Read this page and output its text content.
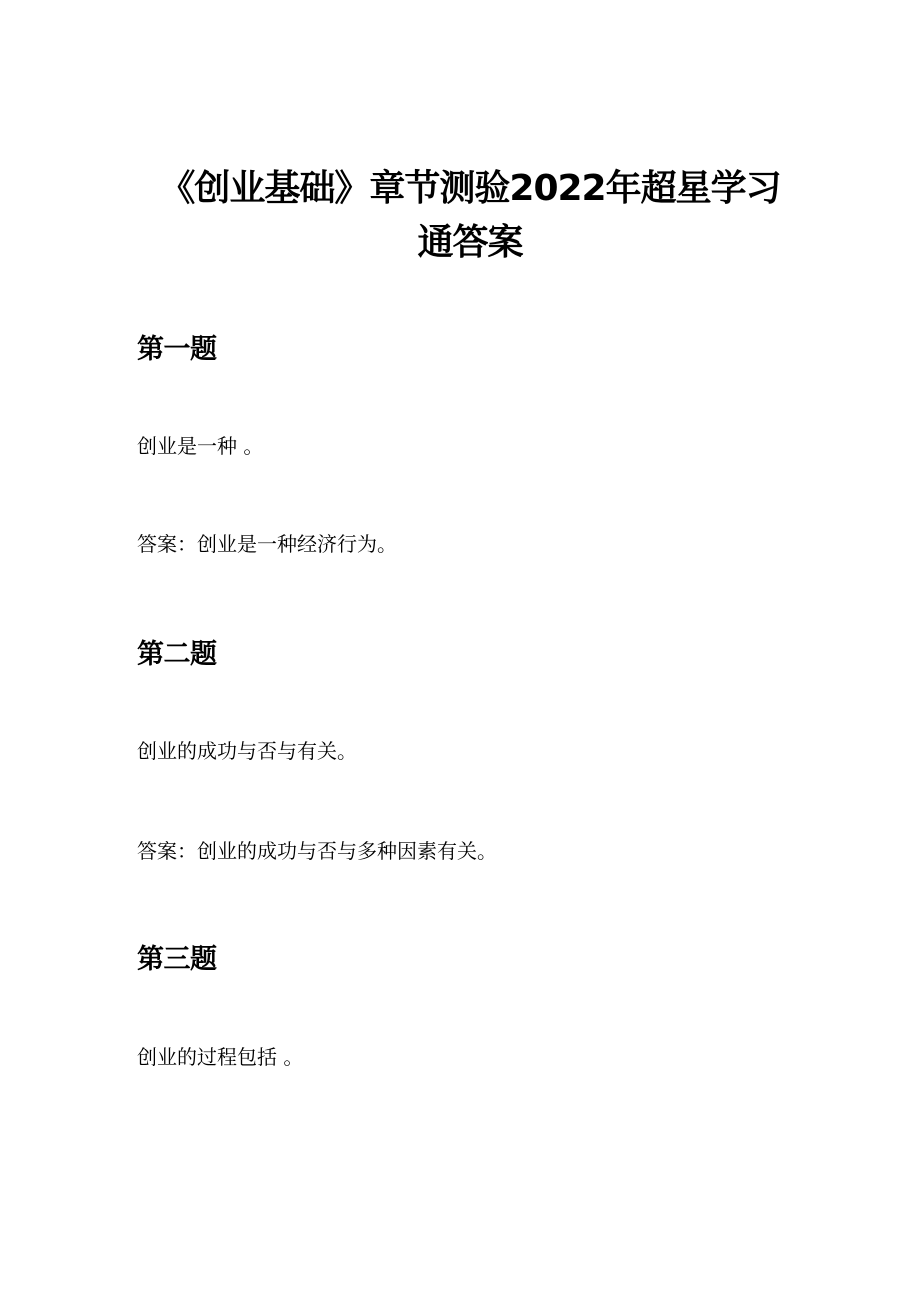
《创业基础》章节测验2022年超星学习
通答案
第一题

创业是一种 。

答案：创业是一种经济行为。

第二题

创业的成功与否与有关。

答案：创业的成功与否与多种因素有关。

第三题

创业的过程包括 。
